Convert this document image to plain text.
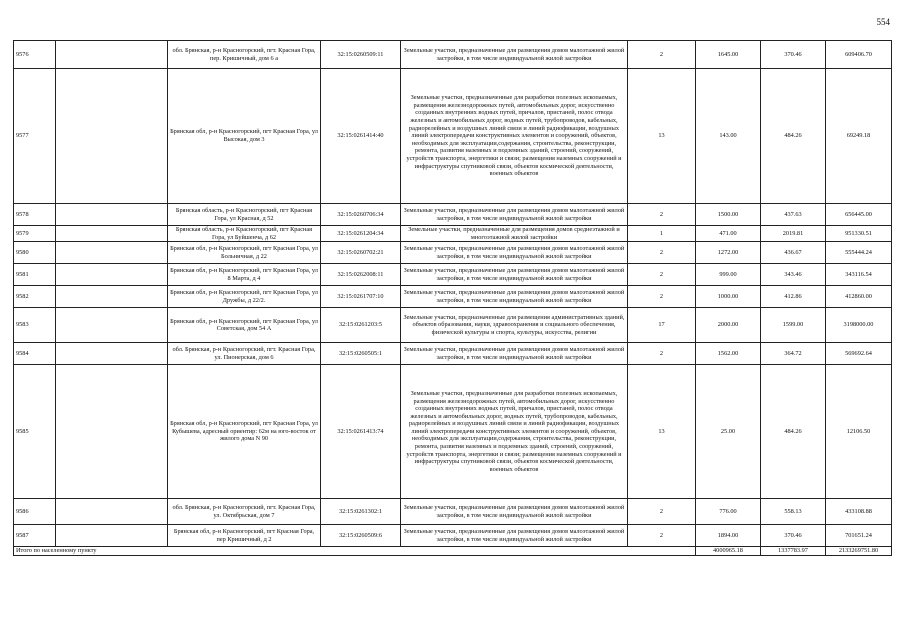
554
9576		обл. Брянская, р-н Красногорский, пгт. Красная Гора, пер. Кришичный, дом 6 а	32:15:0260509:11	Земельные участки, предназначенные для размещения домов малоэтажной жилой застройки, в том числе индивидуальной жилой застройки	2	1645.00	370.46	609406.70
9577		Брянская обл, р-н Красногорский, пгт Красная Гора, ул Высокая, дом 3	32:15:0261414:40	Земельные участки, предназначенные для разработки полезных ископаемых, размещения железнодорожных путей, автомобильных дорог, искусственно созданных внутренних водных путей, причалов, пристаней, полос отвода железных и автомобильных дорог, водных путей, трубопроводов, кабельных, радиорелейных и воздушных линий связи и линий радиофикации, воздушных линий электропередачи конструктивных элементов и сооружений, объектов, необходимых для эксплуатации,содержания, строительства, реконструкции, ремонта, развития наземных и подземных зданий, строений, сооружений, устройств транспорта, энергетики и связи; размещения наземных сооружений и инфраструктуры спутниковой связи, объектов космической деятельности, военных объектов	13	143.00	484.26	69249.18
9578		Брянская область, р-н Красногорский, пгт Красная Гора, ул Красная, д 52	32:15:0260706:34	Земельные участки, предназначенные для размещения домов малоэтажной жилой застройки, в том числе индивидуальной жилой застройки	2	1500.00	437.63	656445.00
9579		Брянская область, р-н Красногорский, пгт Красная Гора, ул Буйшенча, д 62	32:15:0261204:34	Земельные участки, предназначенные для размещения домов среднеэтажной и многоэтажной жилой застройки	1	471.00	2019.81	951330.51
9580		Брянская обл, р-н Красногорский, пгт Красная Гора, ул Больничная, д 22	32:15:0260702:21	Земельные участки, предназначенные для размещения домов малоэтажной жилой застройки, в том числе индивидуальной жилой застройки	2	1272.00	436.67	555444.24
9581		Брянская обл, р-н Красногорский, пгт Красная Гора, ул 8 Марта, д 4	32:15:0262008:11	Земельные участки, предназначенные для размещения домов малоэтажной жилой застройки, в том числе индивидуальной жилой застройки	2	999.00	343.46	343116.54
9582		Брянская обл, р-н Красногорский, пгт Красная Гора, ул Дружбы, д 22/2.	32:15:0261707:10	Земельные участки, предназначенные для размещения домов малоэтажной жилой застройки, в том числе индивидуальной жилой застройки	2	1000.00	412.86	412860.00
9583		Брянская обл, р-н Красногорский, пгт Красная Гора, ул Советская, дом 54 А	32:15:0261203:5	Земельные участки, предназначенные для размещения административных зданий, объектов образования, науки, здравоохранения и социального обеспечения, физической культуры и спорта, культуры, искусства, религии	17	2000.00	1599.00	3198000.00
9584		обл. Брянская, р-н Красногорский, пгт. Красная Гора, ул. Пионерская, дом 6	32:15:0260505:1	Земельные участки, предназначенные для размещения домов малоэтажной жилой застройки, в том числе индивидуальной жилой застройки	2	1562.00	364.72	569692.64
9585		Брянская обл, р-н Красногорский, пгт Красная Гора, ул Кубышева, адресный ориентир: 62м на юго-восток от жилого дома N 90	32:15:0261413:74	Земельные участки, предназначенные для разработки полезных ископаемых, размещения железнодорожных путей, автомобильных дорог, искусственно созданных внутренних водных путей, причалов, пристаней, полос отвода железных и автомобильных дорог, водных путей, трубопроводов, кабельных, радиорелейных и воздушных линий связи и линий радиофикации, воздушных линий электропередачи конструктивных элементов и сооружений, объектов, необходимых для эксплуатации,содержания, строительства, реконструкции, ремонта, развития наземных и подземных зданий, строений, сооружений, устройств транспорта, энергетики и связи; размещения наземных сооружений и инфраструктуры спутниковой связи, объектов космической деятельности, военных объектов	13	25.00	484.26	12106.50
9586		обл. Брянская, р-н Красногорский, пгт. Красная Гора, ул. Октябрьская, дом 7	32:15:0261302:1	Земельные участки, предназначенные для размещения домов малоэтажной жилой застройки, в том числе индивидуальной жилой застройки	2	776.00	558.13	433108.88
9587		Брянская обл, р-н Красногорский, пгт Красная Гора, пер Кришичный, д 2	32:15:0260509:6	Земельные участки, предназначенные для размещения домов малоэтажной жилой застройки, в том числе индивидуальной жилой застройки	2	1894.00	370.46	701651.24
Итого по населенному пункту						4000965.18	1337783.97	2133269751.80
